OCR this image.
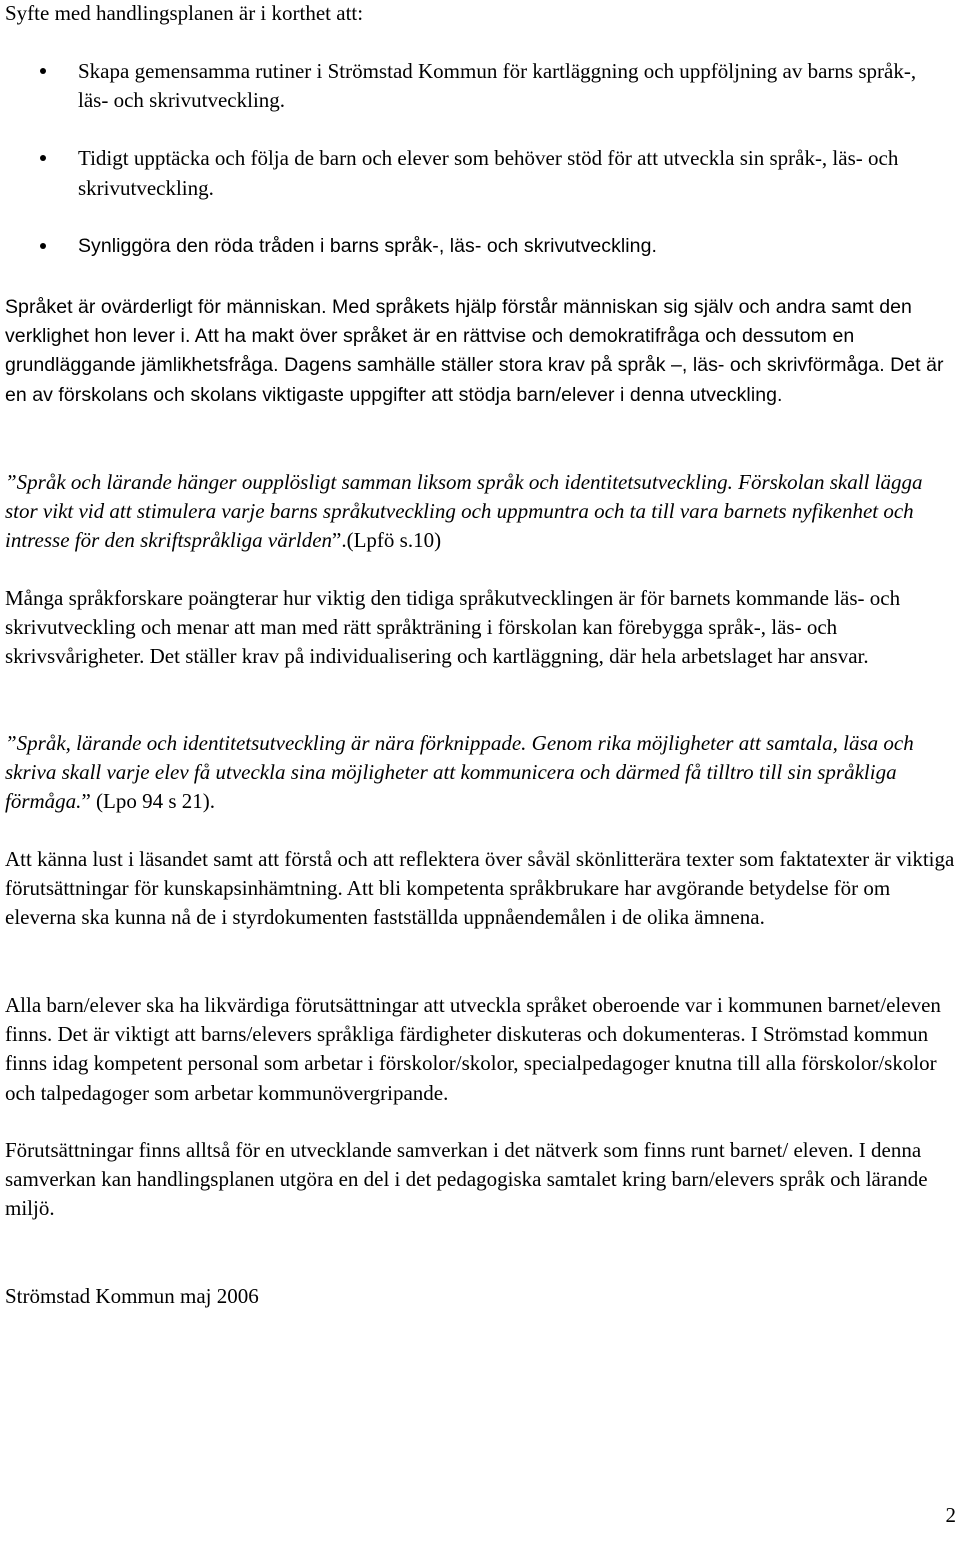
Syfte med handlingsplanen är i korthet att:

Skapa gemensamma rutiner i Strömstad Kommun för kartläggning och uppföljning av barns språk-, läs- och skrivutveckling.
Tidigt upptäcka och följa de barn och elever som behöver stöd för att utveckla sin språk-, läs- och skrivutveckling.
Synliggöra den röda tråden i barns språk-, läs- och skrivutveckling.

Språket är ovärderligt för människan. Med språkets hjälp förstår människan sig själv och andra samt den verklighet hon lever i. Att ha makt över språket är en rättvise och demokratifråga och dessutom en grundläggande jämlikhetsfråga. Dagens samhälle ställer stora krav på språk –, läs- och skrivförmåga. Det är en av förskolans och skolans viktigaste uppgifter att stödja barn/elever i denna utveckling.

”Språk och lärande hänger oupplösligt samman liksom språk och identitetsutveckling. Förskolan skall lägga stor vikt vid att stimulera varje barns språkutveckling och uppmuntra och ta till vara barnets nyfikenhet och intresse för den skriftspråkliga världen”.(Lpfö s.10)

Många språkforskare poängterar hur viktig den tidiga språkutvecklingen är för barnets kommande läs- och skrivutveckling och menar att man med rätt språkträning i förskolan kan förebygga språk-, läs- och skrivsvårigheter. Det ställer krav på individualisering och kartläggning, där hela arbetslaget har ansvar.

”Språk, lärande och identitetsutveckling är nära förknippade. Genom rika möjligheter att samtala, läsa och skriva skall varje elev få utveckla sina möjligheter att kommunicera och därmed få tilltro till sin språkliga förmåga.” (Lpo 94 s 21).

Att känna lust i läsandet samt att förstå och att reflektera över såväl skönlitterära texter som faktatexter är viktiga förutsättningar för kunskapsinhämtning. Att bli kompetenta språkbrukare har avgörande betydelse för om eleverna ska kunna nå de i styrdokumenten fastställda uppnåendemålen i de olika ämnena.

Alla barn/elever ska ha likvärdiga förutsättningar att utveckla språket oberoende var i kommunen barnet/eleven finns. Det är viktigt att barns/elevers språkliga färdigheter diskuteras och dokumenteras. I Strömstad kommun finns idag kompetent personal som arbetar i förskolor/skolor, specialpedagoger knutna till alla förskolor/skolor och talpedagoger som arbetar kommunövergripande.

Förutsättningar finns alltså för en utvecklande samverkan i det nätverk som finns runt barnet/ eleven. I denna samverkan kan handlingsplanen utgöra en del i det pedagogiska samtalet kring barn/elevers språk och lärande miljö.

Strömstad Kommun maj 2006

2
